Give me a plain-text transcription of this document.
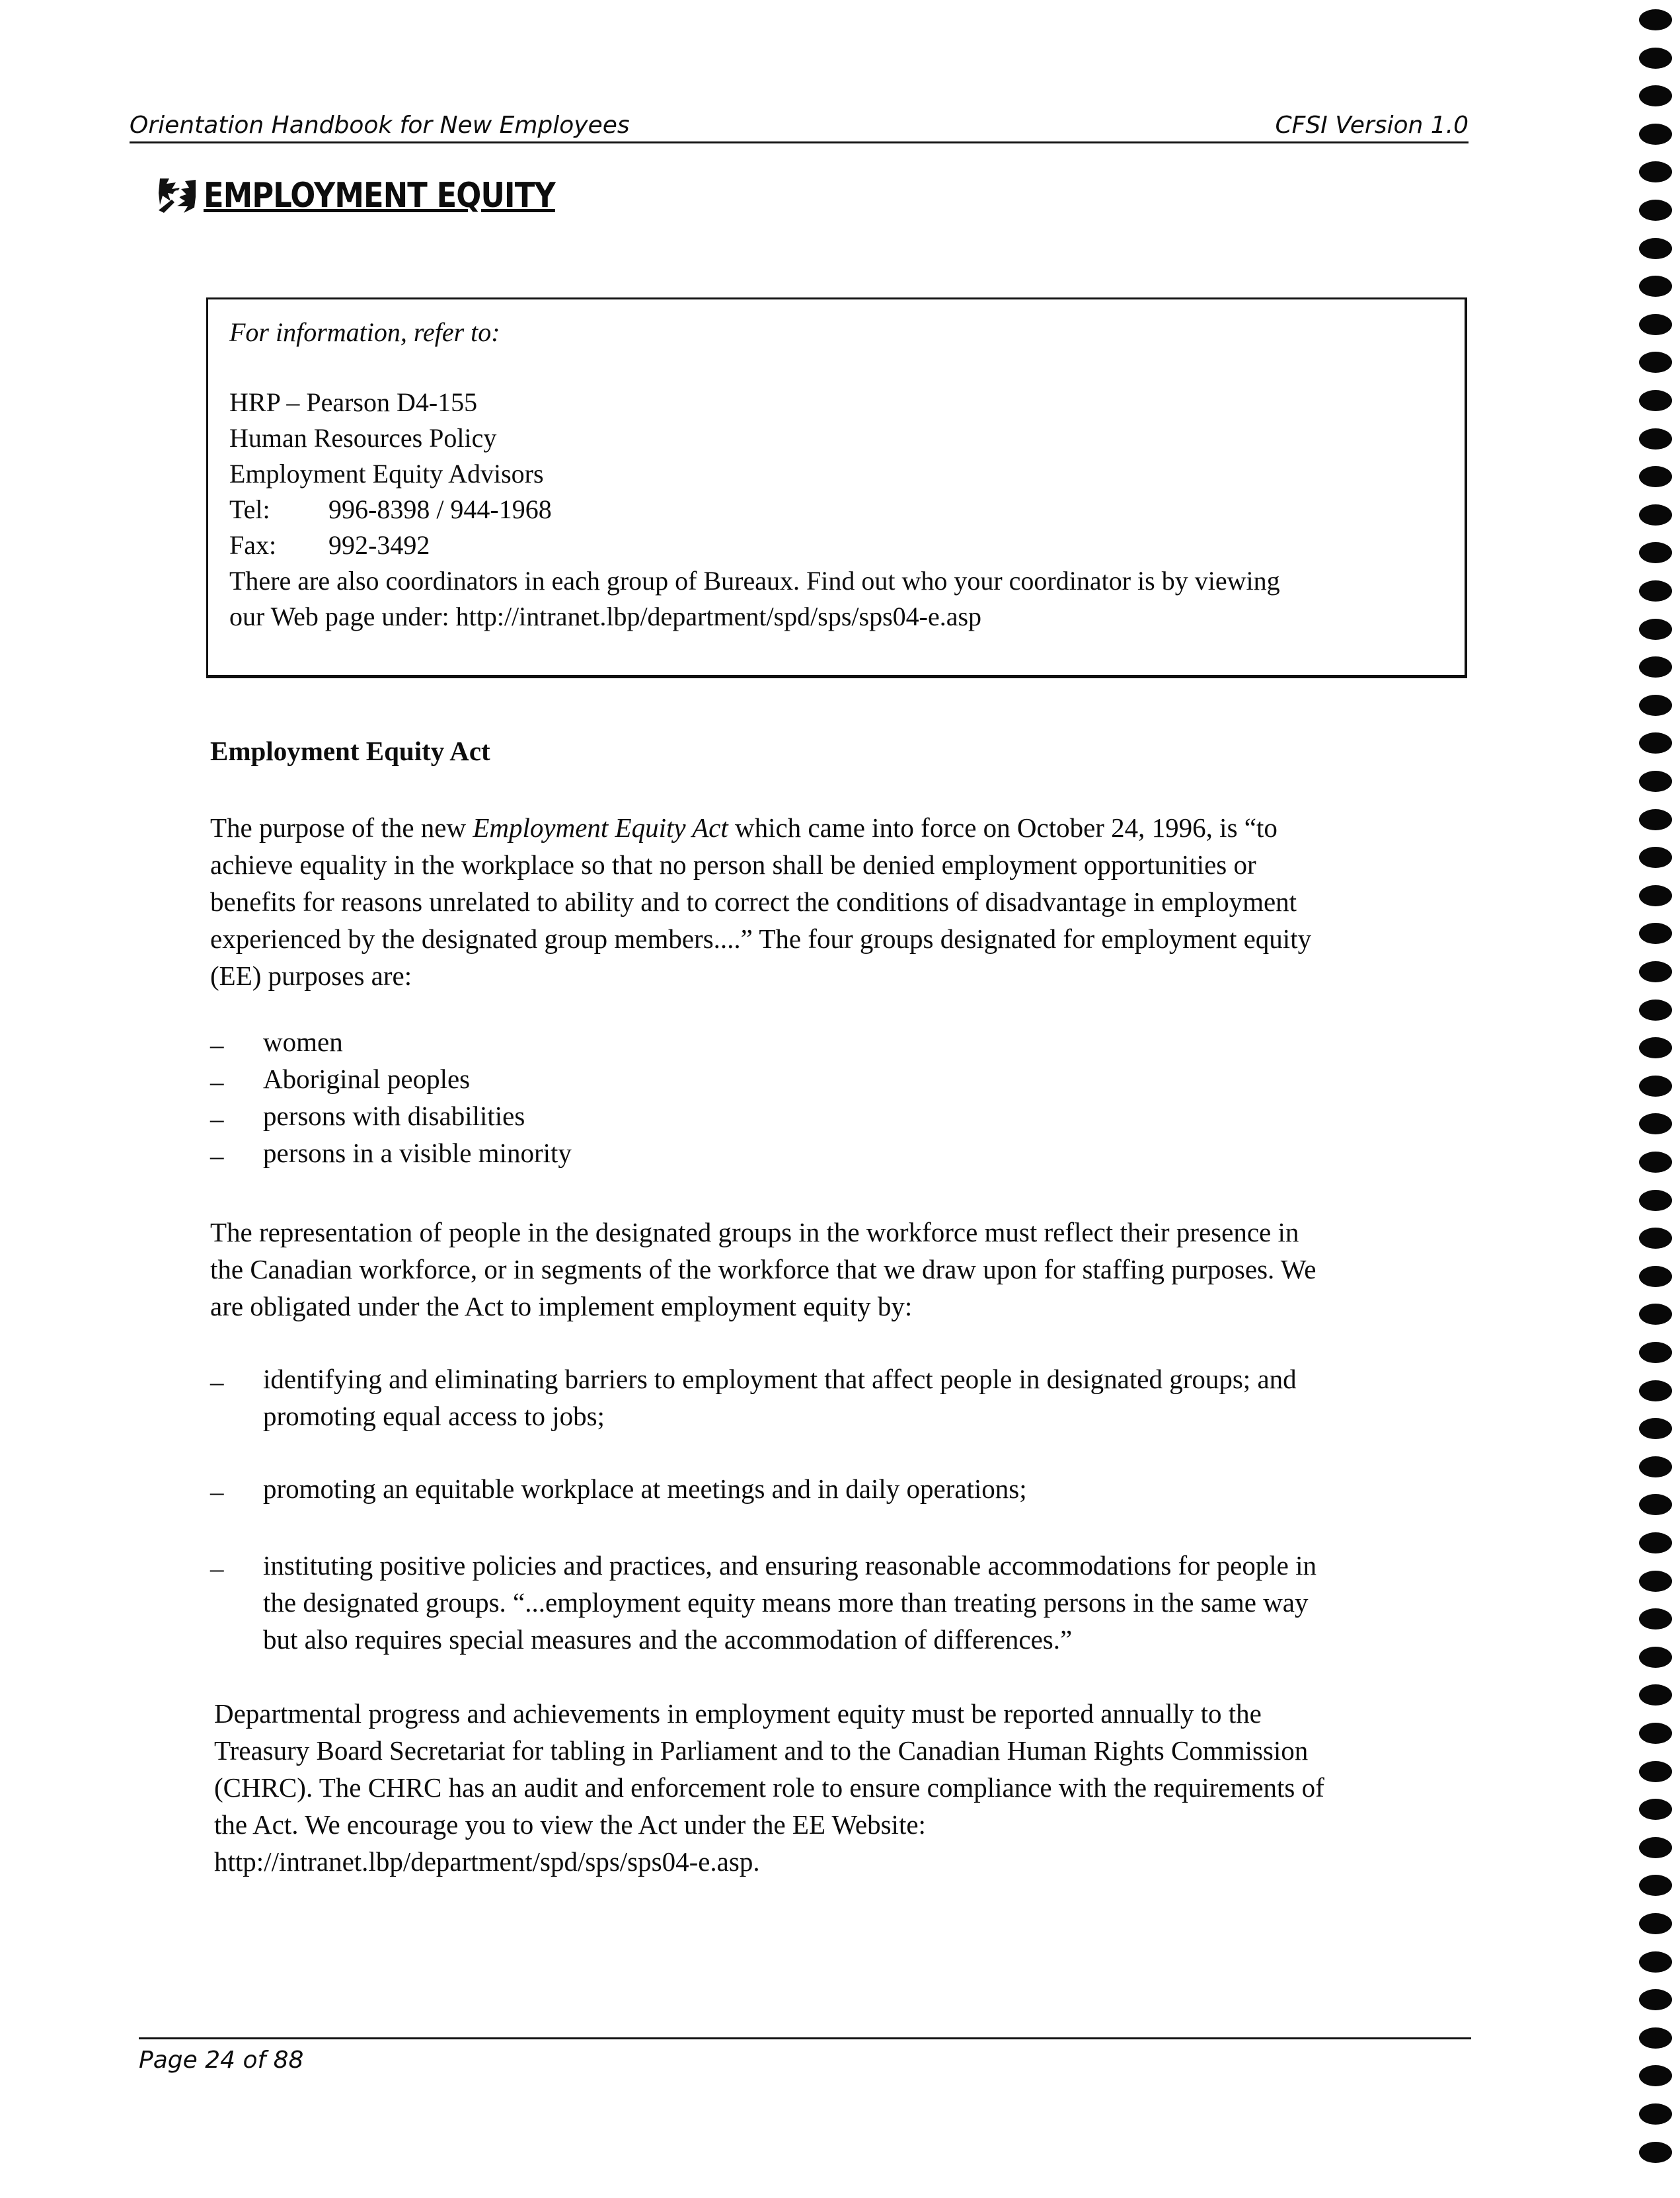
Orientation Handbook for New Employees	CFSI Version 1.0
EMPLOYMENT EQUITY
For information, refer to:
HRP – Pearson D4-155
Human Resources Policy
Employment Equity Advisors
Tel: 996-8398 / 944-1968
Fax: 992-3492
There are also coordinators in each group of Bureaux. Find out who your coordinator is by viewing
our Web page under: http://intranet.lbp/department/spd/sps/sps04-e.asp
Employment Equity Act
The purpose of the new Employment Equity Act which came into force on October 24, 1996, is “to
achieve equality in the workplace so that no person shall be denied employment opportunities or
benefits for reasons unrelated to ability and to correct the conditions of disadvantage in employment
experienced by the designated group members....” The four groups designated for employment equity
(EE) purposes are:
– women
– Aboriginal peoples
– persons with disabilities
– persons in a visible minority
The representation of people in the designated groups in the workforce must reflect their presence in
the Canadian workforce, or in segments of the workforce that we draw upon for staffing purposes. We
are obligated under the Act to implement employment equity by:
– identifying and eliminating barriers to employment that affect people in designated groups; and
promoting equal access to jobs;
– promoting an equitable workplace at meetings and in daily operations;
– instituting positive policies and practices, and ensuring reasonable accommodations for people in
the designated groups. “...employment equity means more than treating persons in the same way
but also requires special measures and the accommodation of differences.”
Departmental progress and achievements in employment equity must be reported annually to the
Treasury Board Secretariat for tabling in Parliament and to the Canadian Human Rights Commission
(CHRC). The CHRC has an audit and enforcement role to ensure compliance with the requirements of
the Act. We encourage you to view the Act under the EE Website:
http://intranet.lbp/department/spd/sps/sps04-e.asp.
Page 24 of 88
